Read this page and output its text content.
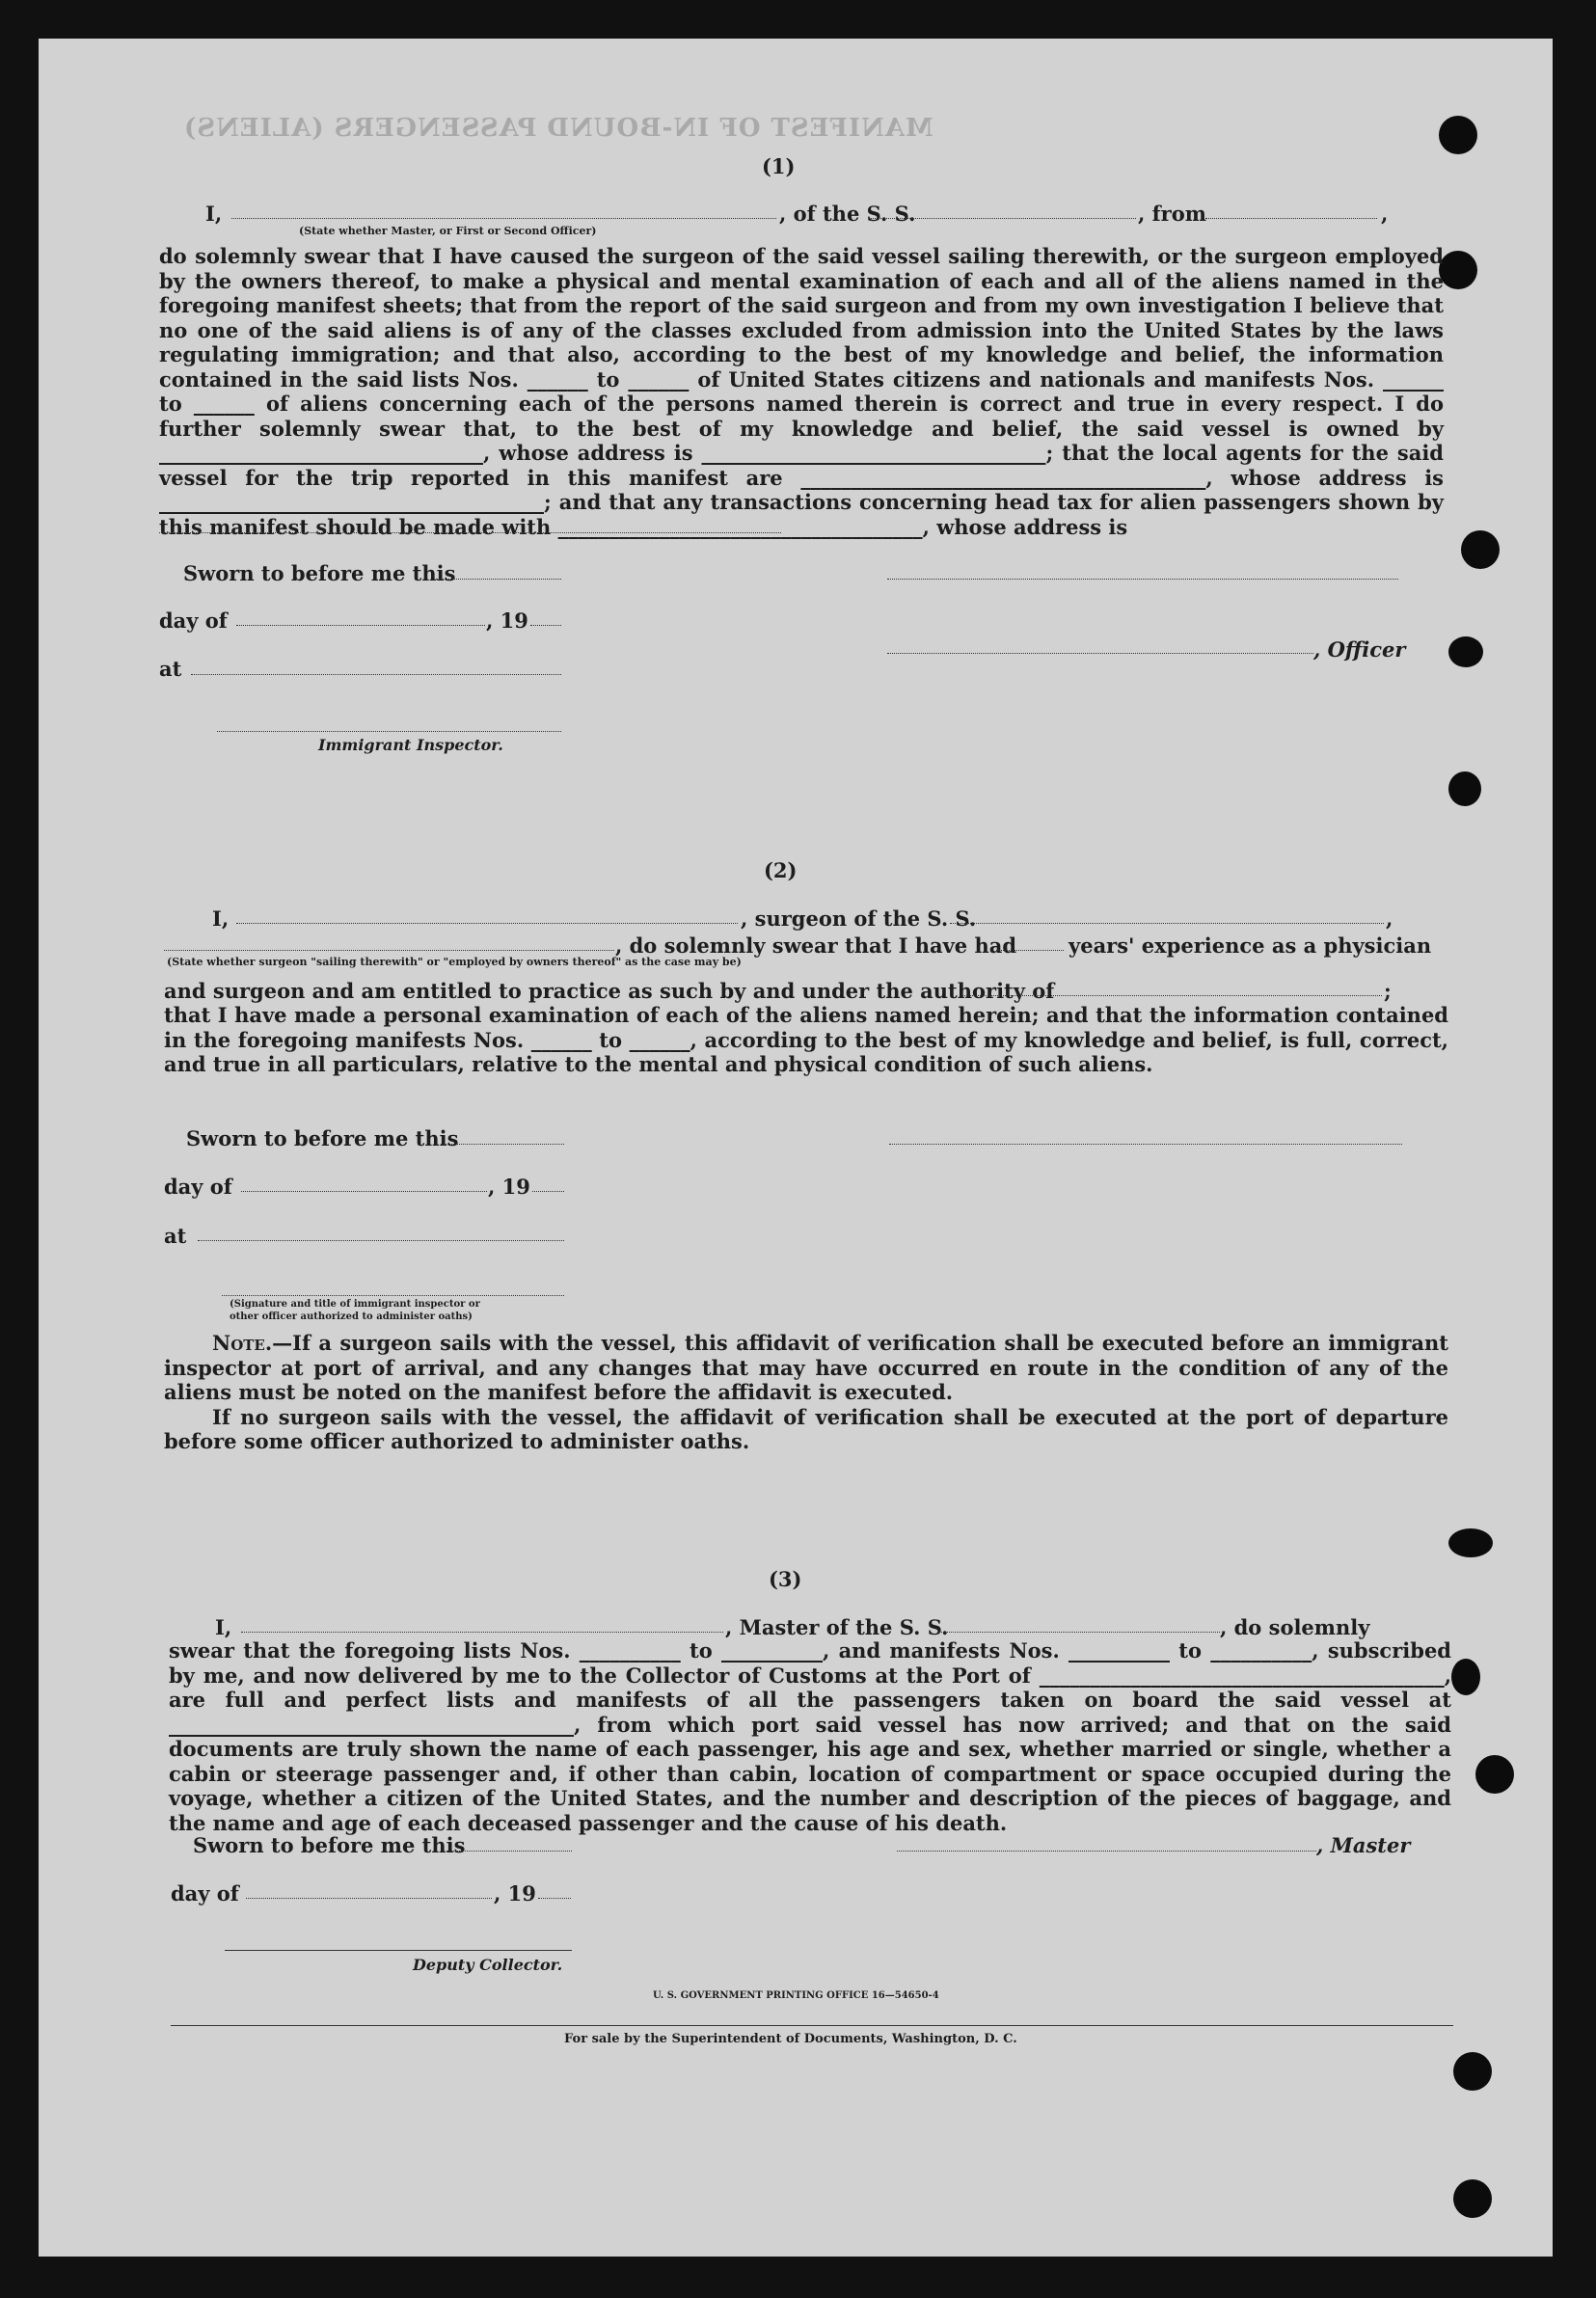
MANIFEST OF IN-BOUND PASSENGERS (ALIENS)
(1)
I,	, of the S. S.	, from	,
(State whether Master, or First or Second Officer)

do solemnly swear that I have caused the surgeon of the said vessel sailing therewith, or the surgeon employed by the owners thereof, to make a physical and mental examination of each and all of the aliens named in the foregoing manifest sheets; that from the report of the said surgeon and from my own investigation I believe that no one of the said aliens is of any of the classes excluded from admission into the United States by the laws regulating immigration; and that also, according to the best of my knowledge and belief, the information contained in the said lists Nos. ______ to ______ of United States citizens and nationals and manifests Nos. ______ to ______ of aliens concerning each of the persons named therein is correct and true in every respect. I do further solemnly swear that, to the best of my knowledge and belief, the said vessel is owned by ________________________________, whose address is __________________________________; that the local agents for the said vessel for the trip reported in this manifest are ________________________________________, whose address is ______________________________________; and that any transactions concerning head tax for alien passengers shown by this manifest should be made with ____________________________________, whose address is

Sworn to before me this
day of	, 19
, Officer
at
Immigrant Inspector.
(2)
I,	, surgeon of the S. S.	,
, do solemnly swear that I have had	years' experience as a physician
(State whether surgeon "sailing therewith" or "employed by owners thereof" as the case may be)
and surgeon and am entitled to practice as such by and under the authority of	;

that I have made a personal examination of each of the aliens named herein; and that the information contained in the foregoing manifests Nos. ______ to ______, according to the best of my knowledge and belief, is full, correct, and true in all particulars, relative to the mental and physical condition of such aliens.

Sworn to before me this
day of	, 19
at
(Signature and title of immigrant inspector or
other officer authorized to administer oaths)

Note.—If a surgeon sails with the vessel, this affidavit of verification shall be executed before an immigrant inspector at port of arrival, and any changes that may have occurred en route in the condition of any of the aliens must be noted on the manifest before the affidavit is executed.

If no surgeon sails with the vessel, the affidavit of verification shall be executed at the port of departure before some officer authorized to administer oaths.

(3)
I,	, Master of the S. S.	, do solemnly

swear that the foregoing lists Nos. __________ to __________, and manifests Nos. __________ to __________, subscribed by me, and now delivered by me to the Collector of Customs at the Port of ________________________________________, are full and perfect lists and manifests of all the passengers taken on board the said vessel at ________________________________________, from which port said vessel has now arrived; and that on the said documents are truly shown the name of each passenger, his age and sex, whether married or single, whether a cabin or steerage passenger and, if other than cabin, location of compartment or space occupied during the voyage, whether a citizen of the United States, and the number and description of the pieces of baggage, and the name and age of each deceased passenger and the cause of his death.

Sworn to before me this	, Master
day of	, 19
Deputy Collector.
U. S. GOVERNMENT PRINTING OFFICE 16—54650-4
For sale by the Superintendent of Documents, Washington, D. C.
